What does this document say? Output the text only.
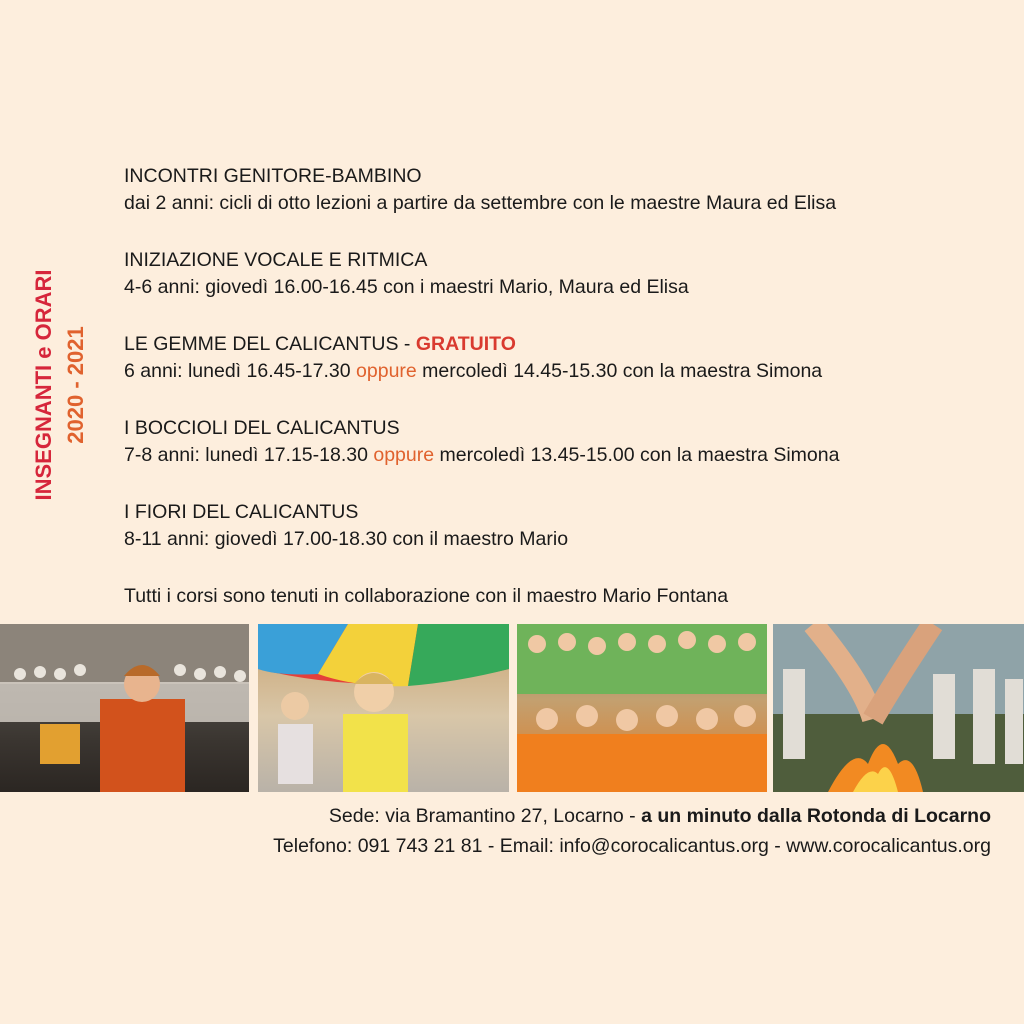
INSEGNANTI e ORARI 2020 - 2021
INCONTRI GENITORE-BAMBINO
dai 2 anni: cicli di otto lezioni a partire da settembre con le maestre Maura ed Elisa
INIZIAZIONE VOCALE E RITMICA
4-6 anni: giovedì 16.00-16.45 con i maestri Mario, Maura ed Elisa
LE GEMME DEL CALICANTUS - GRATUITO
6 anni: lunedì 16.45-17.30 oppure mercoledì 14.45-15.30 con la maestra Simona
I BOCCIOLI DEL CALICANTUS
7-8 anni: lunedì 17.15-18.30 oppure mercoledì 13.45-15.00 con la maestra Simona
I FIORI DEL CALICANTUS
8-11 anni: giovedì 17.00-18.30 con il maestro Mario
Tutti i corsi sono tenuti in collaborazione con il maestro Mario Fontana
Sede: via Bramantino 27, Locarno - a un minuto dalla Rotonda di Locarno
Telefono: 091 743 21 81 - Email: info@corocalicantus.org - www.corocalicantus.org
